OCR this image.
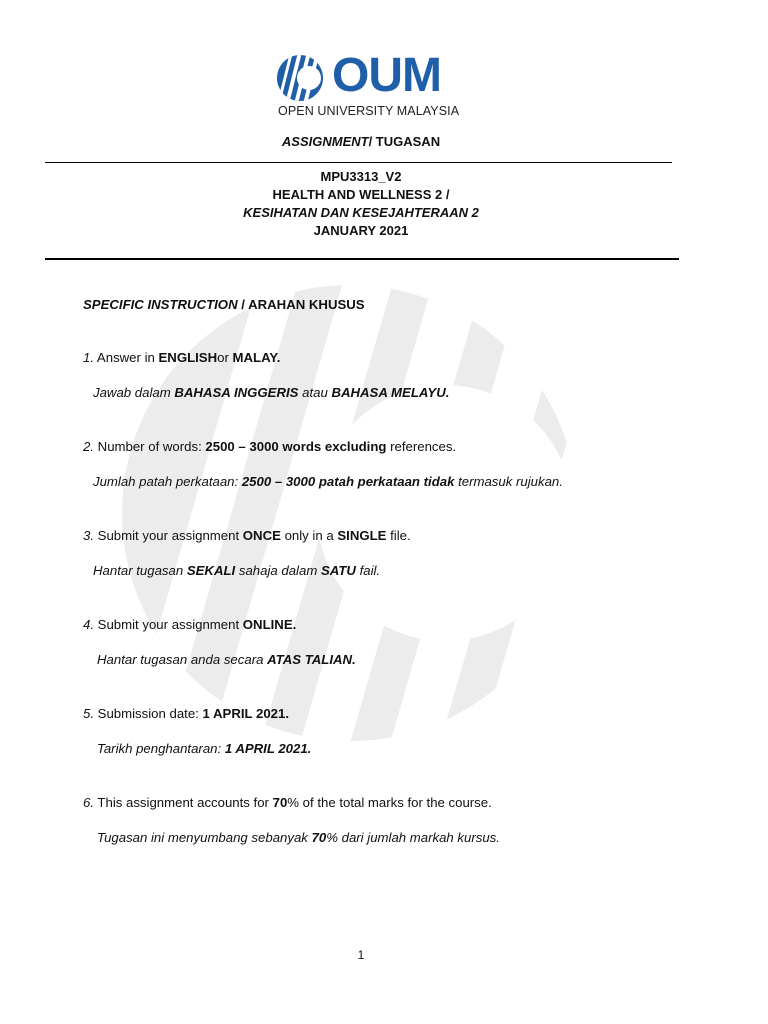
OUM
OPEN UNIVERSITY MALAYSIA
ASSIGNMENT/ TUGASAN
MPU3313_V2
HEALTH AND WELLNESS 2 /
KESIHATAN DAN KESEJAHTERAAN 2
JANUARY 2021
SPECIFIC INSTRUCTION / ARAHAN KHUSUS
1. Answer in ENGLISHor MALAY.
Jawab dalam BAHASA INGGERIS atau BAHASA MELAYU.
2. Number of words: 2500 – 3000 words excluding references.
Jumlah patah perkataan: 2500 – 3000 patah perkataan tidak termasuk rujukan.
3. Submit your assignment ONCE only in a SINGLE file.
Hantar tugasan SEKALI sahaja dalam SATU fail.
4. Submit your assignment ONLINE.
Hantar tugasan anda secara ATAS TALIAN.
5. Submission date: 1 APRIL 2021.
Tarikh penghantaran: 1 APRIL 2021.
6. This assignment accounts for 70% of the total marks for the course.
Tugasan ini menyumbang sebanyak 70% dari jumlah markah kursus.
1
